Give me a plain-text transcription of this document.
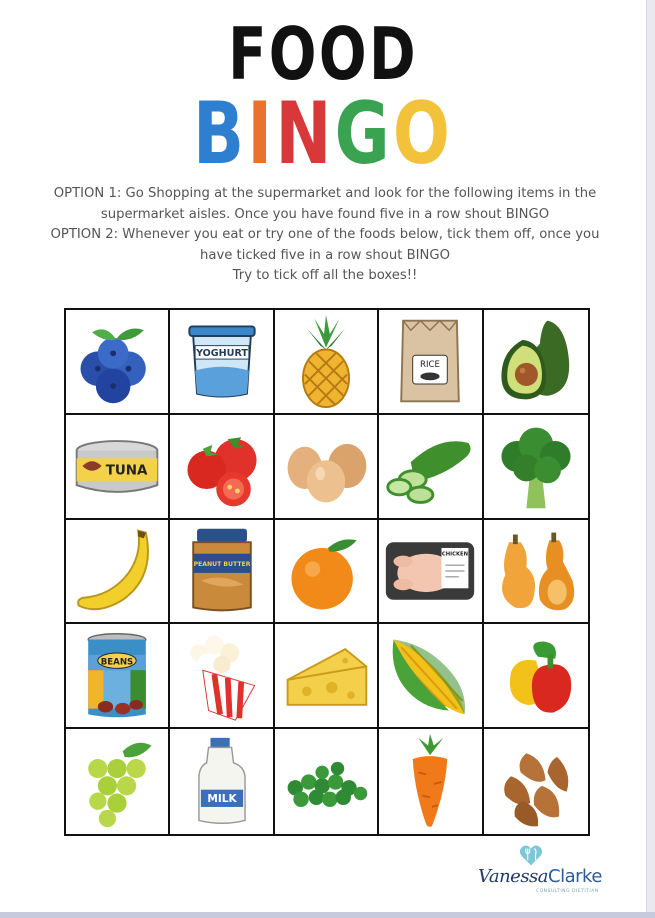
FOOD
BINGO
OPTION 1: Go Shopping at the supermarket and look for the following items in the
supermarket aisles. Once you have found five in a row shout BINGO
OPTION 2: Whenever you eat or try one of the foods below, tick them off, once you
have ticked five in a row shout BINGO
Try to tick off all the boxes!!
YOGHURT
RICE
TUNA
PEANUT BUTTER
CHICKEN
BEANS
MILK
VanessaClarke
CONSULTING DIETITIAN
